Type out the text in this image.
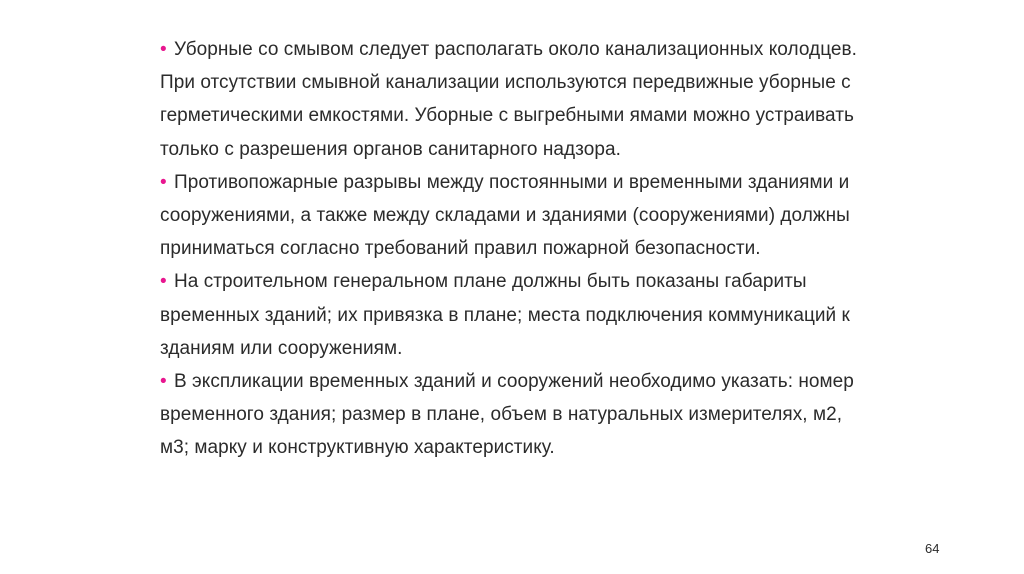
• Уборные со смывом следует располагать около канализационных колодцев.
При отсутствии смывной канализации используются передвижные уборные с
герметическими емкостями. Уборные с выгребными ямами можно устраивать
только с разрешения органов санитарного надзора.
• Противопожарные разрывы между постоянными и временными зданиями и
сооружениями, а также между складами и зданиями (сооружениями) должны
приниматься согласно требований правил пожарной безопасности.
• На строительном генеральном плане должны быть показаны габариты
временных зданий; их привязка в плане; места подключения коммуникаций к
зданиям или сооружениям.
• В экспликации временных зданий и сооружений необходимо указать: номер
временного здания; размер в плане, объем в натуральных измерителях, м2,
м3; марку и конструктивную характеристику.
64
